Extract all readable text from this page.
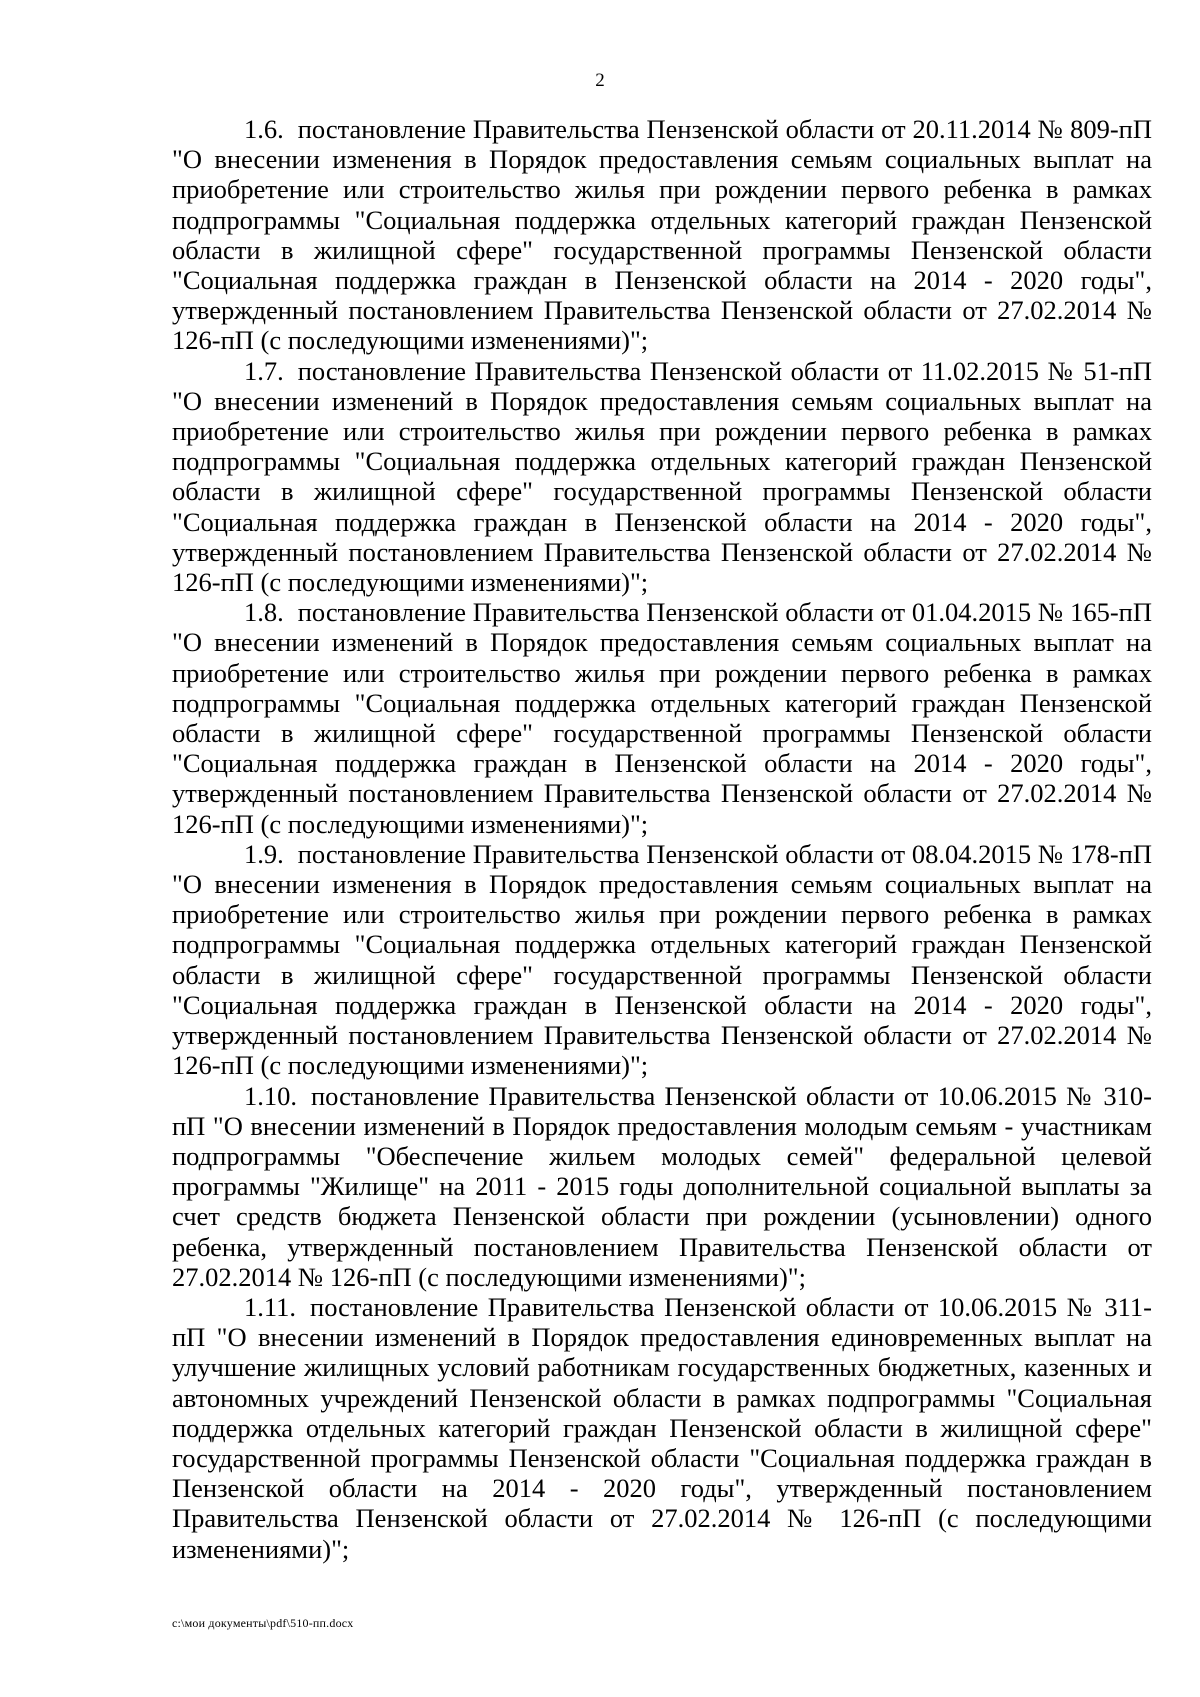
2

1.6. постановление Правительства Пензенской области от 20.11.2014 № 809-пП "О внесении изменения в Порядок предоставления семьям социальных выплат на приобретение или строительство жилья при рождении первого ребенка в рамках подпрограммы "Социальная поддержка отдельных категорий граждан Пензенской области в жилищной сфере" государственной программы Пензенской области "Социальная поддержка граждан в Пензенской области на 2014 - 2020 годы", утвержденный постановлением Правительства Пензенской области от 27.02.2014 № 126-пП (с последующими изменениями)";

1.7. постановление Правительства Пензенской области от 11.02.2015 № 51-пП "О внесении изменений в Порядок предоставления семьям социальных выплат на приобретение или строительство жилья при рождении первого ребенка в рамках подпрограммы "Социальная поддержка отдельных категорий граждан Пензенской области в жилищной сфере" государственной программы Пензенской области "Социальная поддержка граждан в Пензенской области на 2014 - 2020 годы", утвержденный постановлением Правительства Пензенской области от 27.02.2014 № 126-пП (с последующими изменениями)";

1.8. постановление Правительства Пензенской области от 01.04.2015 № 165-пП "О внесении изменений в Порядок предоставления семьям социальных выплат на приобретение или строительство жилья при рождении первого ребенка в рамках подпрограммы "Социальная поддержка отдельных категорий граждан Пензенской области в жилищной сфере" государственной программы Пензенской области "Социальная поддержка граждан в Пензенской области на 2014 - 2020 годы", утвержденный постановлением Правительства Пензенской области от 27.02.2014 № 126-пП (с последующими изменениями)";

1.9. постановление Правительства Пензенской области от 08.04.2015 № 178-пП "О внесении изменения в Порядок предоставления семьям социальных выплат на приобретение или строительство жилья при рождении первого ребенка в рамках подпрограммы "Социальная поддержка отдельных категорий граждан Пензенской области в жилищной сфере" государственной программы Пензенской области "Социальная поддержка граждан в Пензенской области на 2014 - 2020 годы", утвержденный постановлением Правительства Пензенской области от 27.02.2014 № 126-пП (с последующими изменениями)";

1.10. постановление Правительства Пензенской области от 10.06.2015 № 310-пП "О внесении изменений в Порядок предоставления молодым семьям - участникам подпрограммы "Обеспечение жильем молодых семей" федеральной целевой программы "Жилище" на 2011 - 2015 годы дополнительной социальной выплаты за счет средств бюджета Пензенской области при рождении (усыновлении) одного ребенка, утвержденный постановлением Правительства Пензенской области от 27.02.2014 № 126-пП (с последующими изменениями)";

1.11. постановление Правительства Пензенской области от 10.06.2015 № 311-пП "О внесении изменений в Порядок предоставления единовременных выплат на улучшение жилищных условий работникам государственных бюджетных, казенных и автономных учреждений Пензенской области в рамках подпрограммы "Социальная поддержка отдельных категорий граждан Пензенской области в жилищной сфере" государственной программы Пензенской области "Социальная поддержка граждан в Пензенской области на 2014 - 2020 годы", утвержденный постановлением Правительства Пензенской области от 27.02.2014 № 126-пП (с последующими изменениями)";

c:\мои документы\pdf\510-пп.docx
